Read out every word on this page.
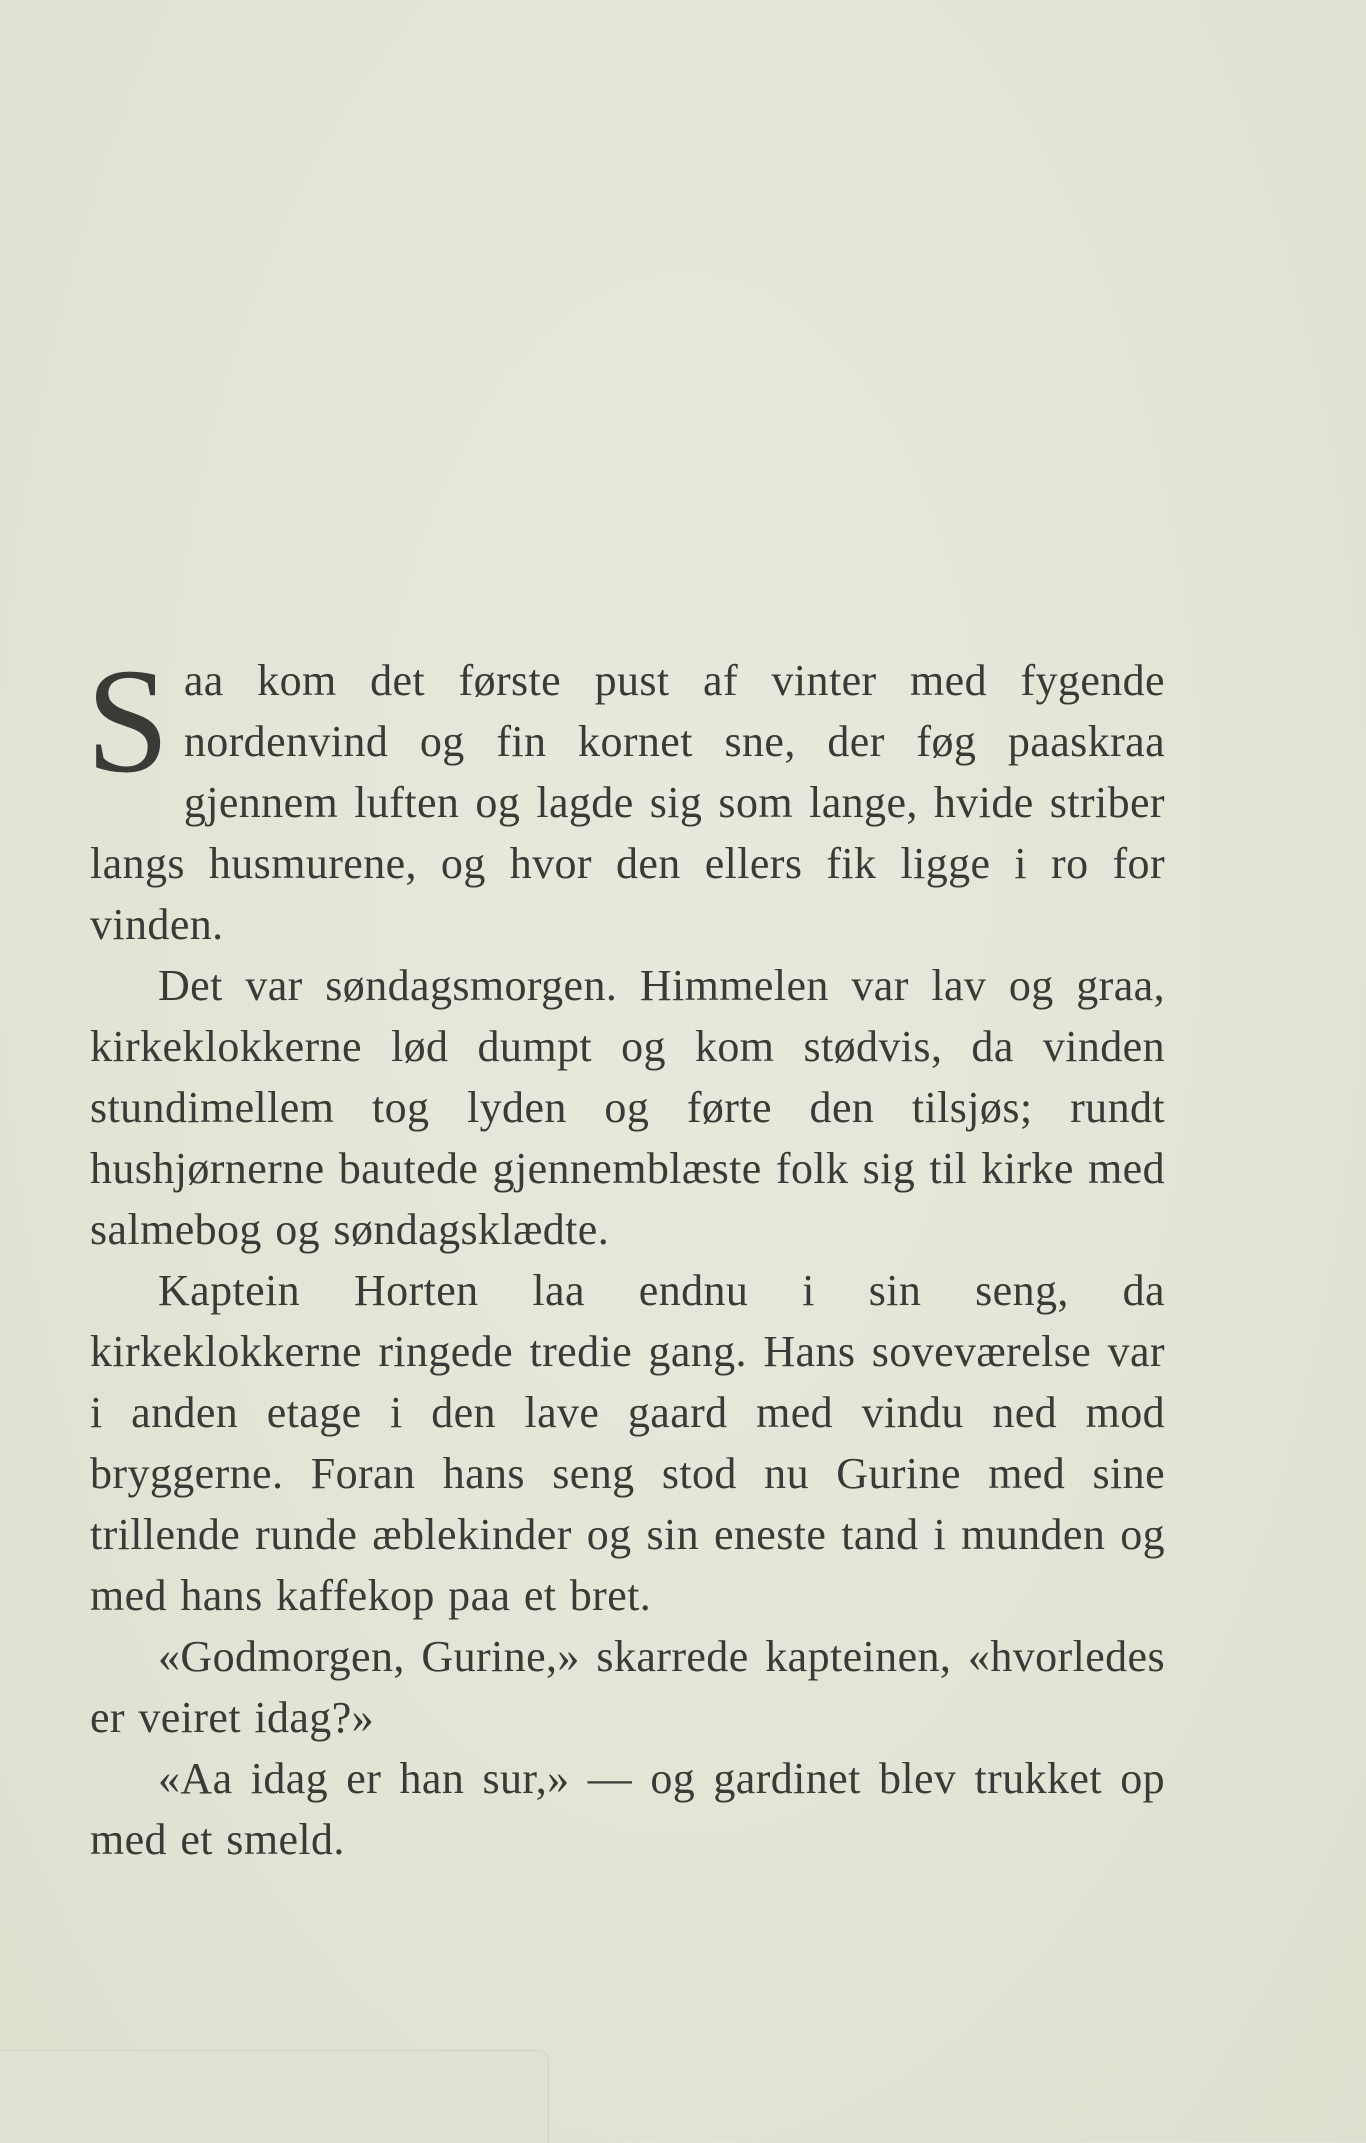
Saa kom det første pust af vinter med fygende nordenvind og fin kornet sne, der føg paaskraa gjennem luften og lagde sig som lange, hvide striber langs husmurene, og hvor den ellers fik ligge i ro for vinden.

Det var søndagsmorgen. Himmelen var lav og graa, kirkeklokkerne lød dumpt og kom stødvis, da vinden stundimellem tog lyden og førte den tilsjøs; rundt hushjørnerne bautede gjennemblæste folk sig til kirke med salmebog og søndagsklædte.

Kaptein Horten laa endnu i sin seng, da kirkeklokkerne ringede tredie gang. Hans soveværelse var i anden etage i den lave gaard med vindu ned mod bryggerne. Foran hans seng stod nu Gurine med sine trillende runde æblekinder og sin eneste tand i munden og med hans kaffekop paa et bret.

«Godmorgen, Gurine,» skarrede kapteinen, «hvorledes er veiret idag?»

«Aa idag er han sur,» — og gardinet blev trukket op med et smeld.
